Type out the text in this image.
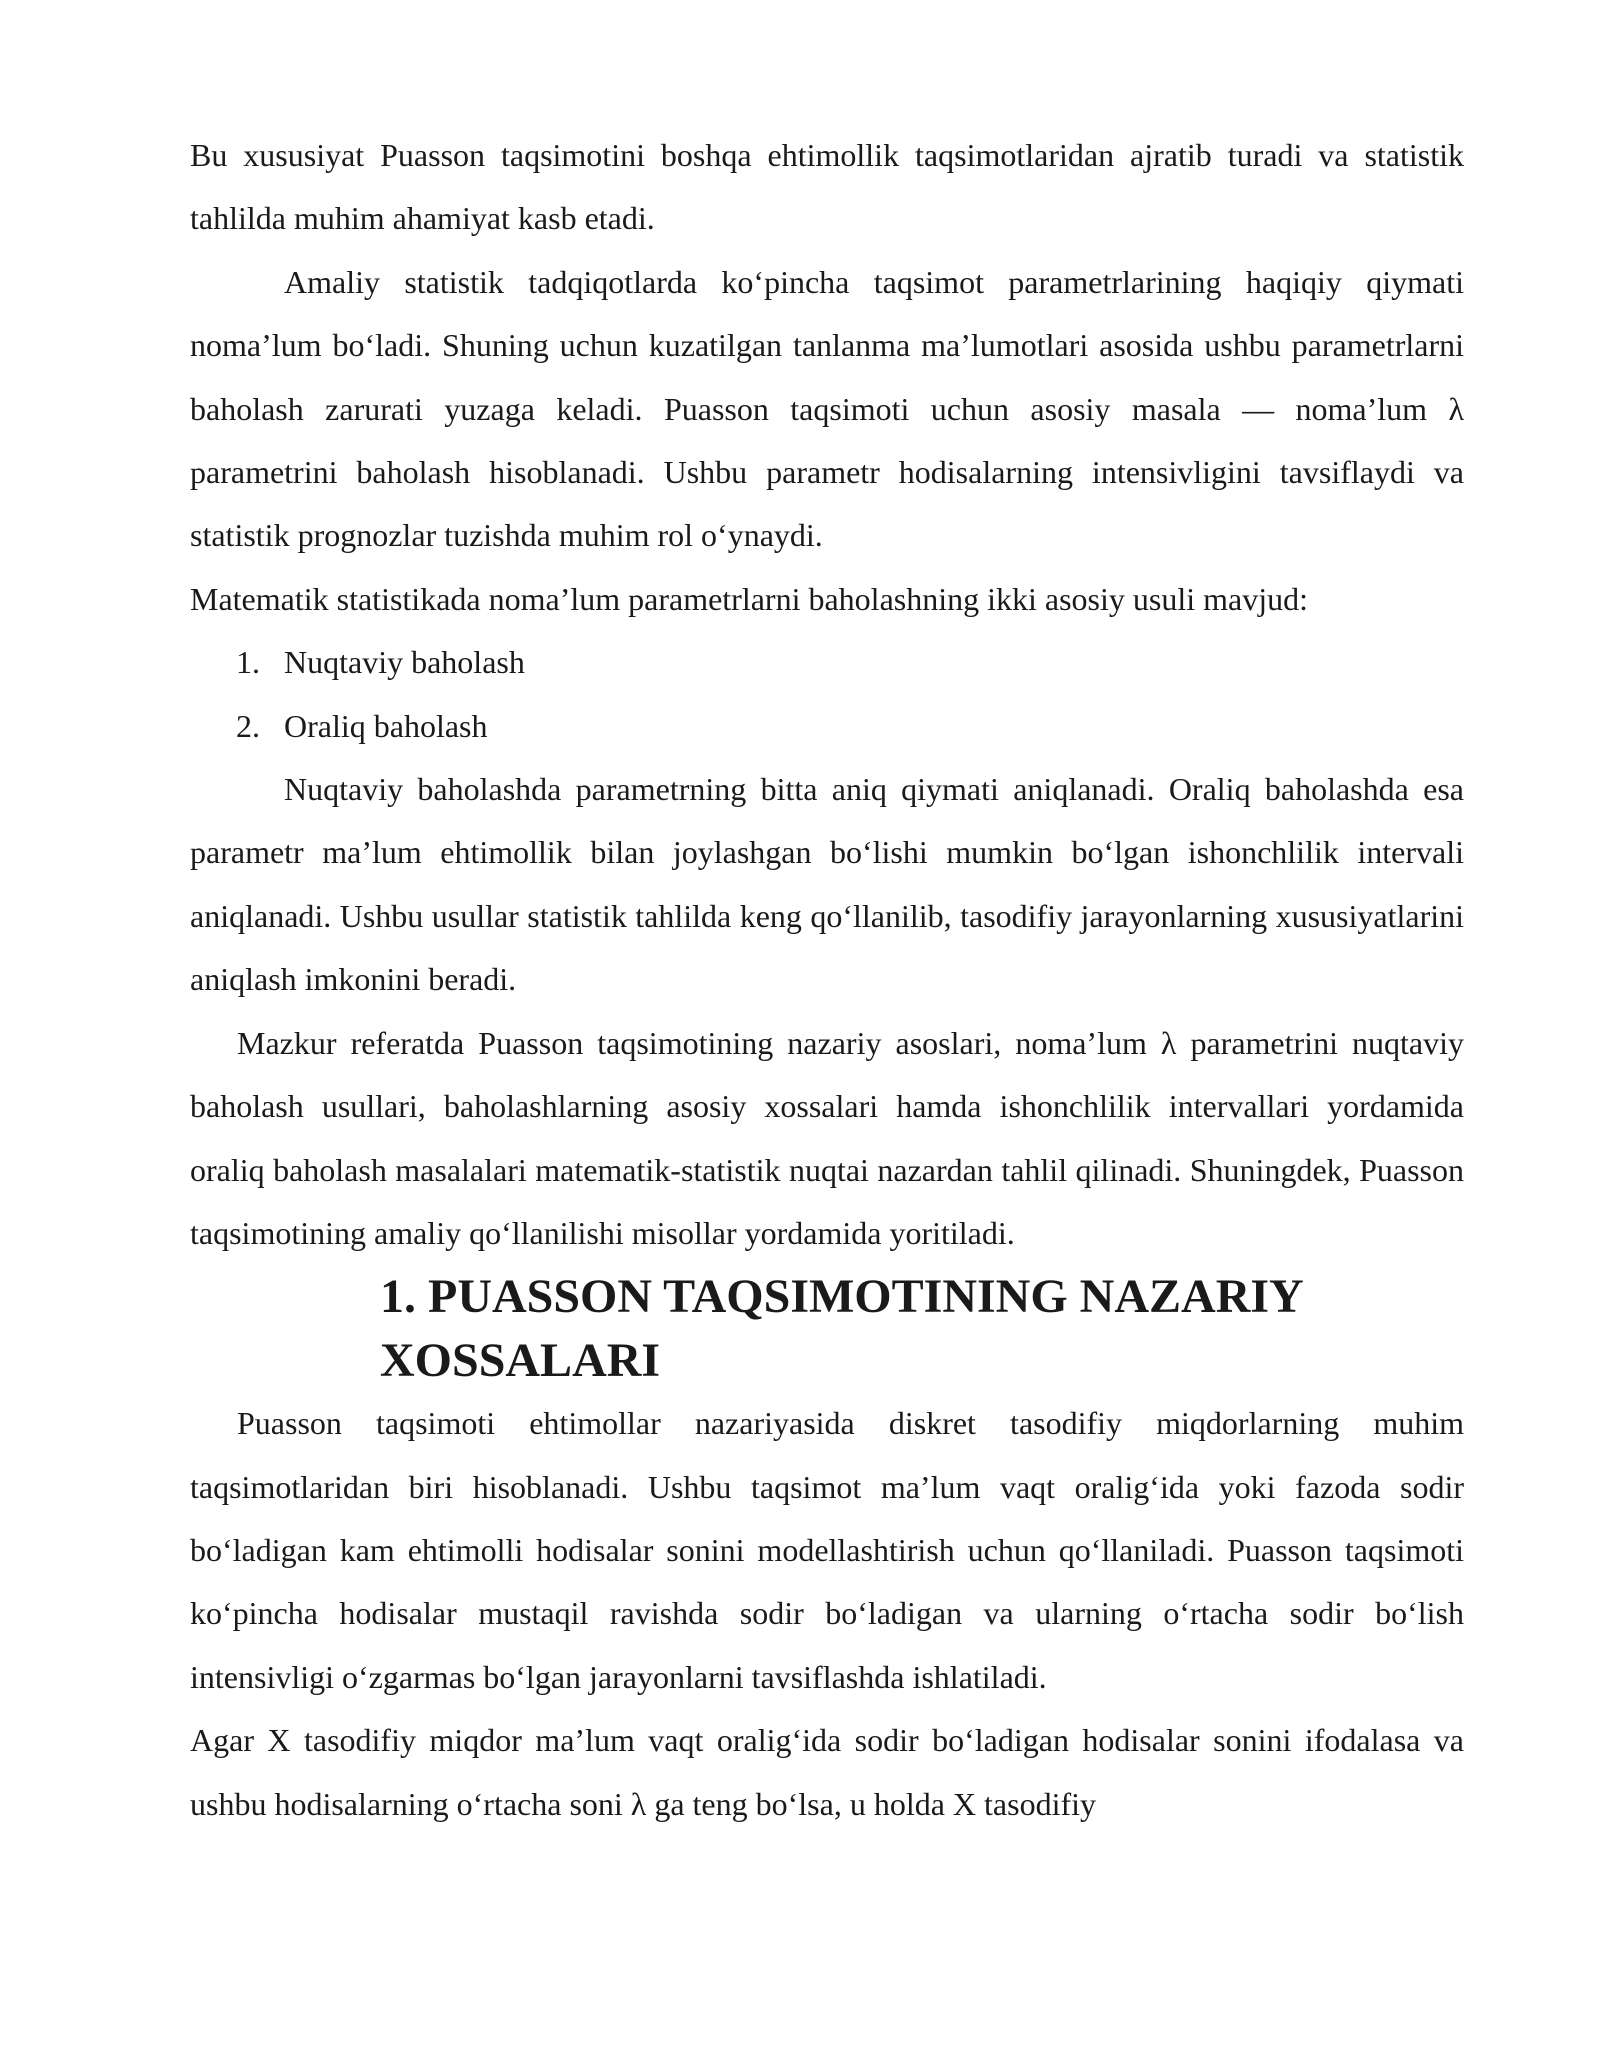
Bu xususiyat Puasson taqsimotini boshqa ehtimollik taqsimotlaridan ajratib turadi va statistik tahlilda muhim ahamiyat kasb etadi.

Amaliy statistik tadqiqotlarda ko‘pincha taqsimot parametrlarining haqiqiy qiymati noma’lum bo‘ladi. Shuning uchun kuzatilgan tanlanma ma’lumotlari asosida ushbu parametrlarni baholash zarurati yuzaga keladi. Puasson taqsimoti uchun asosiy masala — noma’lum λ parametrini baholash hisoblanadi. Ushbu parametr hodisalarning intensivligini tavsiflaydi va statistik prognozlar tuzishda muhim rol o‘ynaydi.

Matematik statistikada noma’lum parametrlarni baholashning ikki asosiy usuli mavjud:

1. Nuqtaviy baholash
2. Oraliq baholash

Nuqtaviy baholashda parametrning bitta aniq qiymati aniqlanadi. Oraliq baholashda esa parametr ma’lum ehtimollik bilan joylashgan bo‘lishi mumkin bo‘lgan ishonchlilik intervali aniqlanadi. Ushbu usullar statistik tahlilda keng qo‘llanilib, tasodifiy jarayonlarning xususiyatlarini aniqlash imkonini beradi.

Mazkur referatda Puasson taqsimotining nazariy asoslari, noma’lum λ parametrini nuqtaviy baholash usullari, baholashlarning asosiy xossalari hamda ishonchlilik intervallari yordamida oraliq baholash masalalari matematik-statistik nuqtai nazardan tahlil qilinadi. Shuningdek, Puasson taqsimotining amaliy qo‘llanilishi misollar yordamida yoritiladi.

1. PUASSON TAQSIMOTINING NAZARIY XOSSALARI

Puasson taqsimoti ehtimollar nazariyasida diskret tasodifiy miqdorlarning muhim taqsimotlaridan biri hisoblanadi. Ushbu taqsimot ma’lum vaqt oralig‘ida yoki fazoda sodir bo‘ladigan kam ehtimolli hodisalar sonini modellashtirish uchun qo‘llaniladi. Puasson taqsimoti ko‘pincha hodisalar mustaqil ravishda sodir bo‘ladigan va ularning o‘rtacha sodir bo‘lish intensivligi o‘zgarmas bo‘lgan jarayonlarni tavsiflashda ishlatiladi.

Agar X tasodifiy miqdor ma’lum vaqt oralig‘ida sodir bo‘ladigan hodisalar sonini ifodalasa va ushbu hodisalarning o‘rtacha soni λ ga teng bo‘lsa, u holda X tasodifiy
